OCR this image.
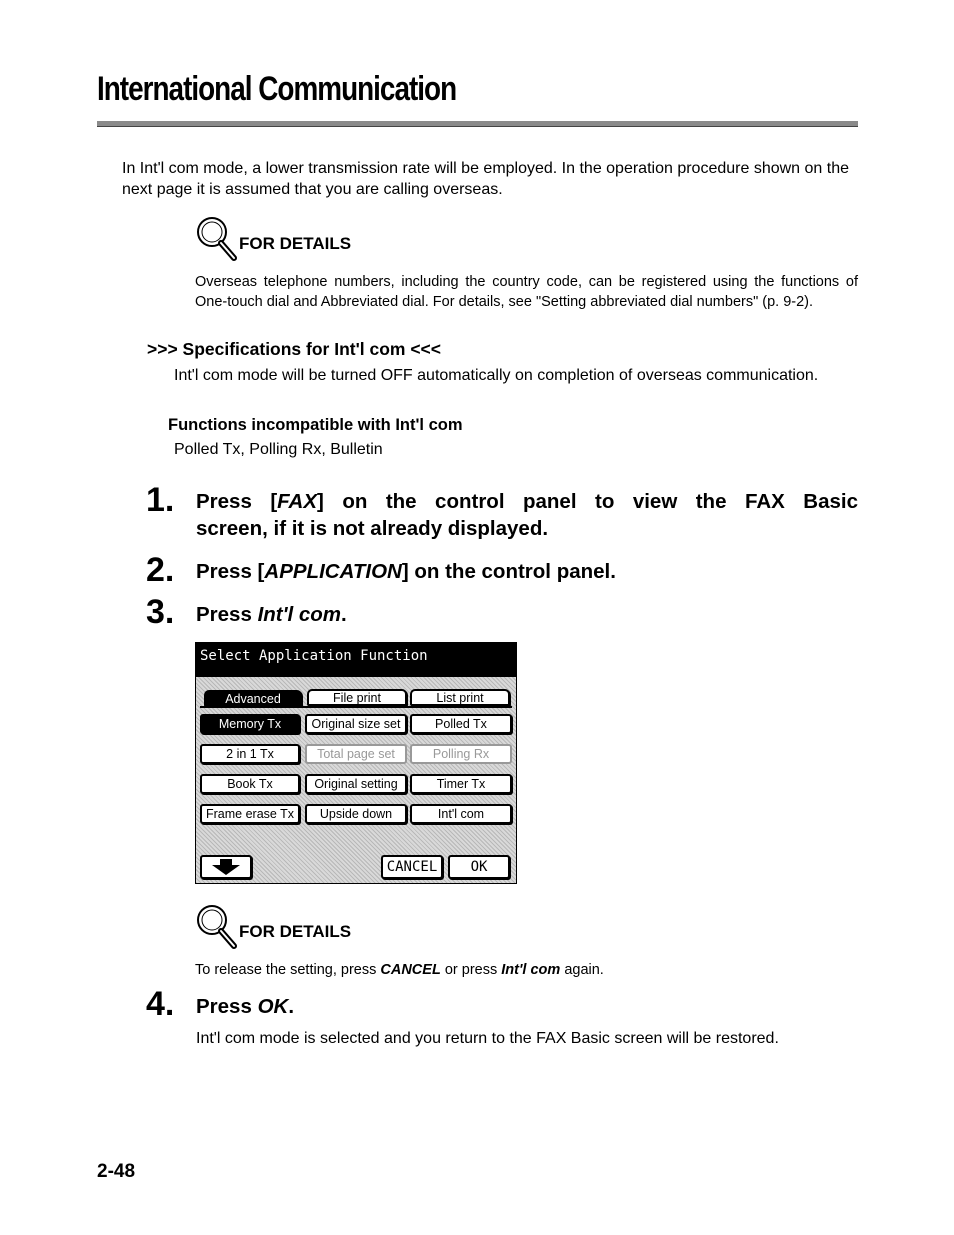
International Communication
In Int'l com mode, a lower transmission rate will be employed. In the operation procedure shown on the next page it is assumed that you are calling overseas.
FOR DETAILS
Overseas telephone numbers, including the country code, can be registered using the functions of One-touch dial and Abbreviated dial. For details, see "Setting abbreviated dial numbers" (p. 9-2).
>>> Specifications for Int'l com <<<
Int'l com mode will be turned OFF automatically on completion of overseas communication.
Functions incompatible with Int'l com
Polled Tx, Polling Rx, Bulletin
1. Press [FAX] on the control panel to view the FAX Basic
screen, if it is not already displayed.
2. Press [APPLICATION] on the control panel.
3. Press Int'l com.
Select Application Function
Advanced	File print	List print
Memory Tx	Original size set	Polled Tx
2 in 1 Tx	Total page set	Polling Rx
Book Tx	Original setting	Timer Tx
Frame erase Tx	Upside down	Int'l com
CANCEL	OK
FOR DETAILS
To release the setting, press CANCEL or press Int'l com again.
4. Press OK.
Int'l com mode is selected and you return to the FAX Basic screen will be restored.
2-48
